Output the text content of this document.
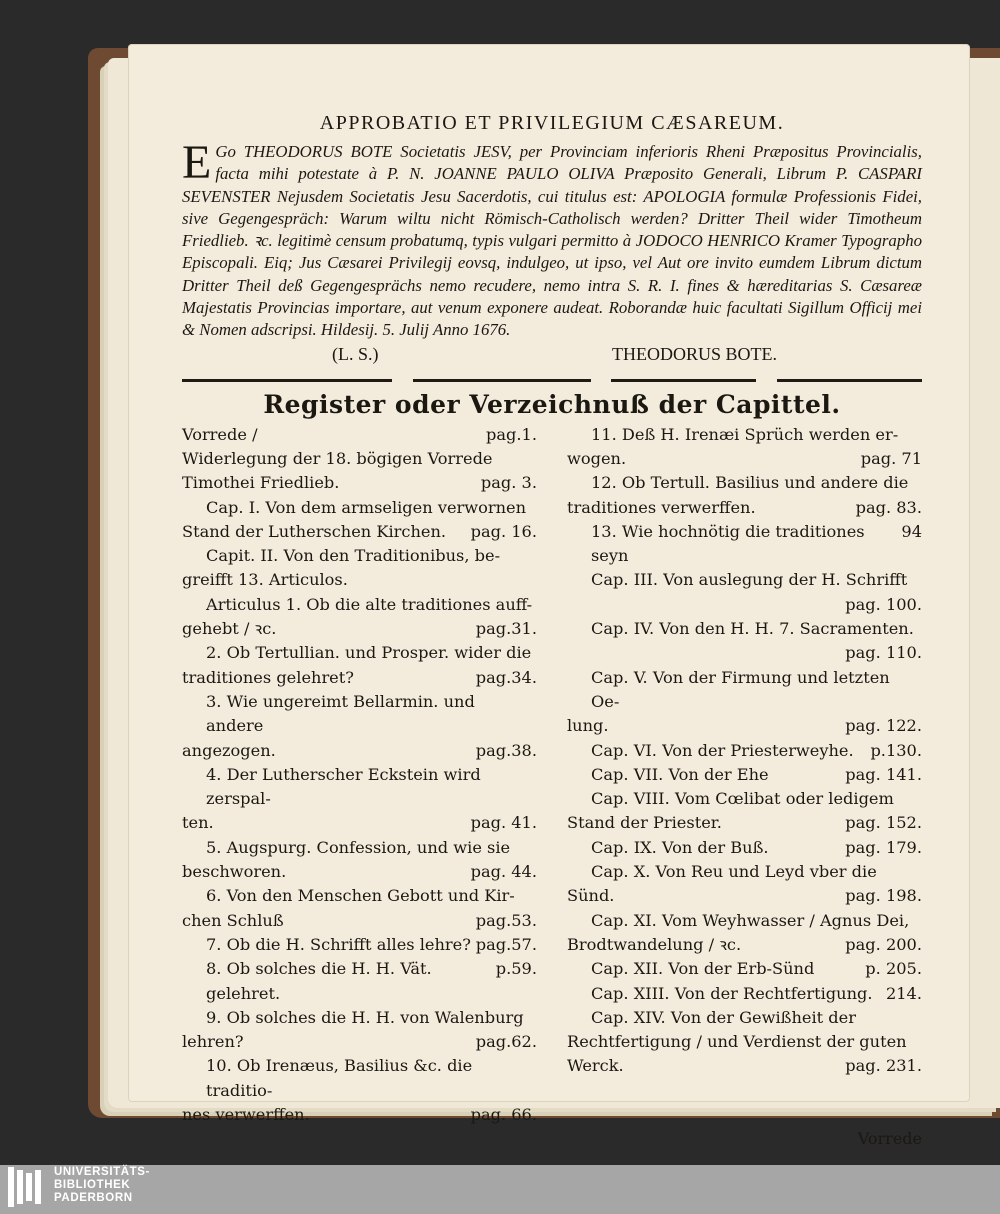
APPROBATIO ET PRIVILEGIUM CÆSAREUM.

E Go THEODORUS BOTE Societatis JESV, per Provinciam inferioris Rheni Præpositus Provincialis, facta mihi potestate à P. N. JOANNE PAULO OLIVA Præposito Generali, Librum P. CASPARI SEVENSTER Nejusdem Societatis Jesu Sacerdotis, cui titulus est: APOLOGIA formulæ Professionis Fidei, sive Gegengespräch: Warum wiltu nicht Römisch-Catholisch werden? Dritter Theil wider Timotheum Friedlieb. ꝛc. legitimè censum probatumq, typis vulgari permitto à JODOCO HENRICO Kramer Typographo Episcopali. Eiq; Jus Cæsarei Privilegij eovsq, indulgeo, ut ipso, vel Aut ore invito eumdem Librum dictum Dritter Theil deß Gegengesprächs nemo recudere, nemo intra S. R. I. fines & hæreditarias S. Cæsareæ Majestatis Provincias importare, aut venum exponere audeat. Roborandæ huic facultati Sigillum Officij mei & Nomen adscripsi. Hildesij. 5. Julij Anno 1676.

(L. S.)	THEODORUS BOTE.
Register oder Verzeichnuß der Capittel.
Vorrede /	pag.1.
Widerlegung der 18. bögigen Vorrede
Timothei Friedlieb.	pag. 3.
Cap. I. Von dem armseligen verwornen
Stand der Lutherschen Kirchen. pag. 16.
Capit. II. Von den Traditionibus, be-
greifft 13. Articulos.
Articulus 1. Ob die alte traditiones auff-
gehebt / ꝛc.	pag.31.
2. Ob Tertullian. und Prosper. wider die
traditiones gelehret?	pag.34.
3. Wie ungereimt Bellarmin. und andere
angezogen.	pag.38.
4. Der Lutherscher Eckstein wird zerspal-
ten.	pag. 41.
5. Augspurg. Confession, und wie sie
beschworen.	pag. 44.
6. Von den Menschen Gebott und Kir-
chen Schluß	pag.53.
7. Ob die H. Schrifft alles lehre? pag.57.
8. Ob solches die H. H. Vät. gelehret.
p.59.
9. Ob solches die H. H. von Walenburg
lehren?	pag.62.
10. Ob Irenæus, Basilius &c. die traditio-
nes verwerffen.	pag. 66.
11. Deß H. Irenæi Sprüch werden er-
wogen.	pag. 71
12. Ob Tertull. Basilius und andere die
traditiones verwerffen.	pag. 83.
13. Wie hochnötig die traditiones seyn
94
Cap. III. Von auslegung der H. Schrifft
pag. 100.
Cap. IV. Von den H. H. 7. Sacramenten.
pag. 110.
Cap. V. Von der Firmung und letzten Oe-
lung.	pag. 122.
Cap. VI. Von der Priesterweyhe. p.130.
Cap. VII. Von der Ehe	pag. 141.
Cap. VIII. Vom Cœlibat oder ledigem
Stand der Priester.	pag. 152.
Cap. IX. Von der Buß.	pag. 179.
Cap. X. Von Reu und Leyd vber die
Sünd.	pag. 198.
Cap. XI. Vom Weyhwasser / Agnus Dei,
Brodtwandelung / ꝛc.	pag. 200.
Cap. XII. Von der Erb-Sünd	p. 205.
Cap. XIII. Von der Rechtfertigung. 214.
Cap. XIV. Von der Gewißheit der
Rechtfertigung / und Verdienst der guten
Werck.	pag. 231.
Vorrede
UNIVERSITÄTS-
BIBLIOTHEK
PADERBORN
